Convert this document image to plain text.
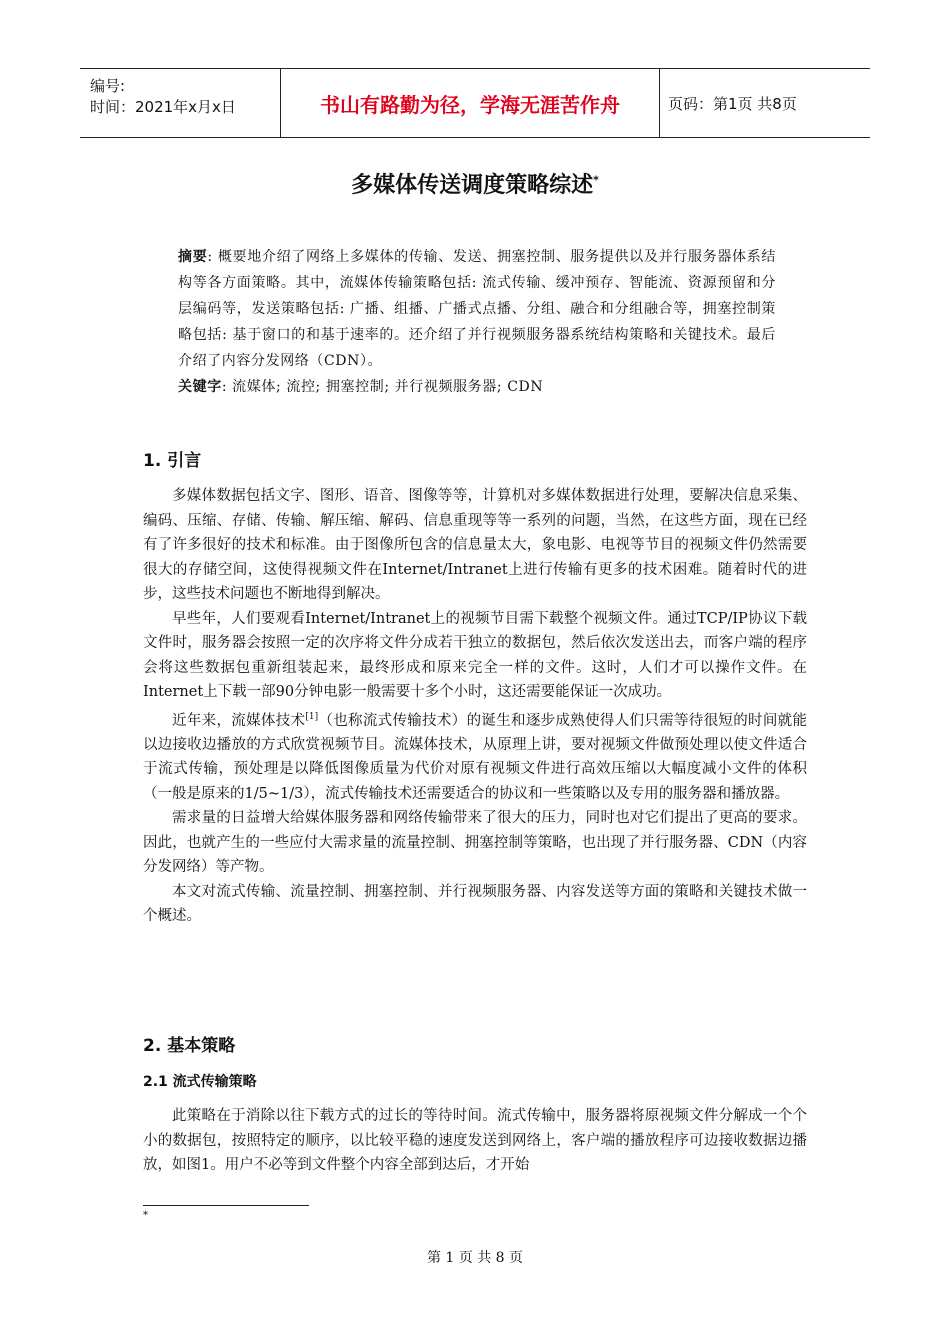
编号:
时间：2021年x月x日	书山有路勤为径，学海无涯苦作舟	页码：第1页 共8页
多媒体传送调度策略综述*

摘要: 概要地介绍了网络上多媒体的传输、发送、拥塞控制、服务提供以及并行服务器体系结构等各方面策略。其中，流媒体传输策略包括: 流式传输、缓冲预存、智能流、资源预留和分层编码等，发送策略包括: 广播、组播、广播式点播、分组、融合和分组融合等，拥塞控制策略包括: 基于窗口的和基于速率的。还介绍了并行视频服务器系统结构策略和关键技术。最后介绍了内容分发网络（CDN）。

关键字: 流媒体; 流控; 拥塞控制; 并行视频服务器; CDN

1. 引言

多媒体数据包括文字、图形、语音、图像等等，计算机对多媒体数据进行处理，要解决信息采集、编码、压缩、存储、传输、解压缩、解码、信息重现等等一系列的问题，当然，在这些方面，现在已经有了许多很好的技术和标准。由于图像所包含的信息量太大，象电影、电视等节目的视频文件仍然需要很大的存储空间，这使得视频文件在Internet/Intranet上进行传输有更多的技术困难。随着时代的进步，这些技术问题也不断地得到解决。

早些年，人们要观看Internet/Intranet上的视频节目需下载整个视频文件。通过TCP/IP协议下载文件时，服务器会按照一定的次序将文件分成若干独立的数据包，然后依次发送出去，而客户端的程序会将这些数据包重新组装起来，最终形成和原来完全一样的文件。这时，人们才可以操作文件。在Internet上下载一部90分钟电影一般需要十多个小时，这还需要能保证一次成功。

近年来，流媒体技术[1]（也称流式传输技术）的诞生和逐步成熟使得人们只需等待很短的时间就能以边接收边播放的方式欣赏视频节目。流媒体技术，从原理上讲，要对视频文件做预处理以使文件适合于流式传输，预处理是以降低图像质量为代价对原有视频文件进行高效压缩以大幅度减小文件的体积（一般是原来的1/5~1/3），流式传输技术还需要适合的协议和一些策略以及专用的服务器和播放器。

需求量的日益增大给媒体服务器和网络传输带来了很大的压力，同时也对它们提出了更高的要求。因此，也就产生的一些应付大需求量的流量控制、拥塞控制等策略，也出现了并行服务器、CDN（内容分发网络）等产物。

本文对流式传输、流量控制、拥塞控制、并行视频服务器、内容发送等方面的策略和关键技术做一个概述。

2. 基本策略
2.1 流式传输策略

此策略在于消除以往下载方式的过长的等待时间。流式传输中，服务器将原视频文件分解成一个个小的数据包，按照特定的顺序，以比较平稳的速度发送到网络上，客户端的播放程序可边接收数据边播放，如图1。用户不必等到文件整个内容全部到达后，才开始

*
第 1 页 共 8 页
